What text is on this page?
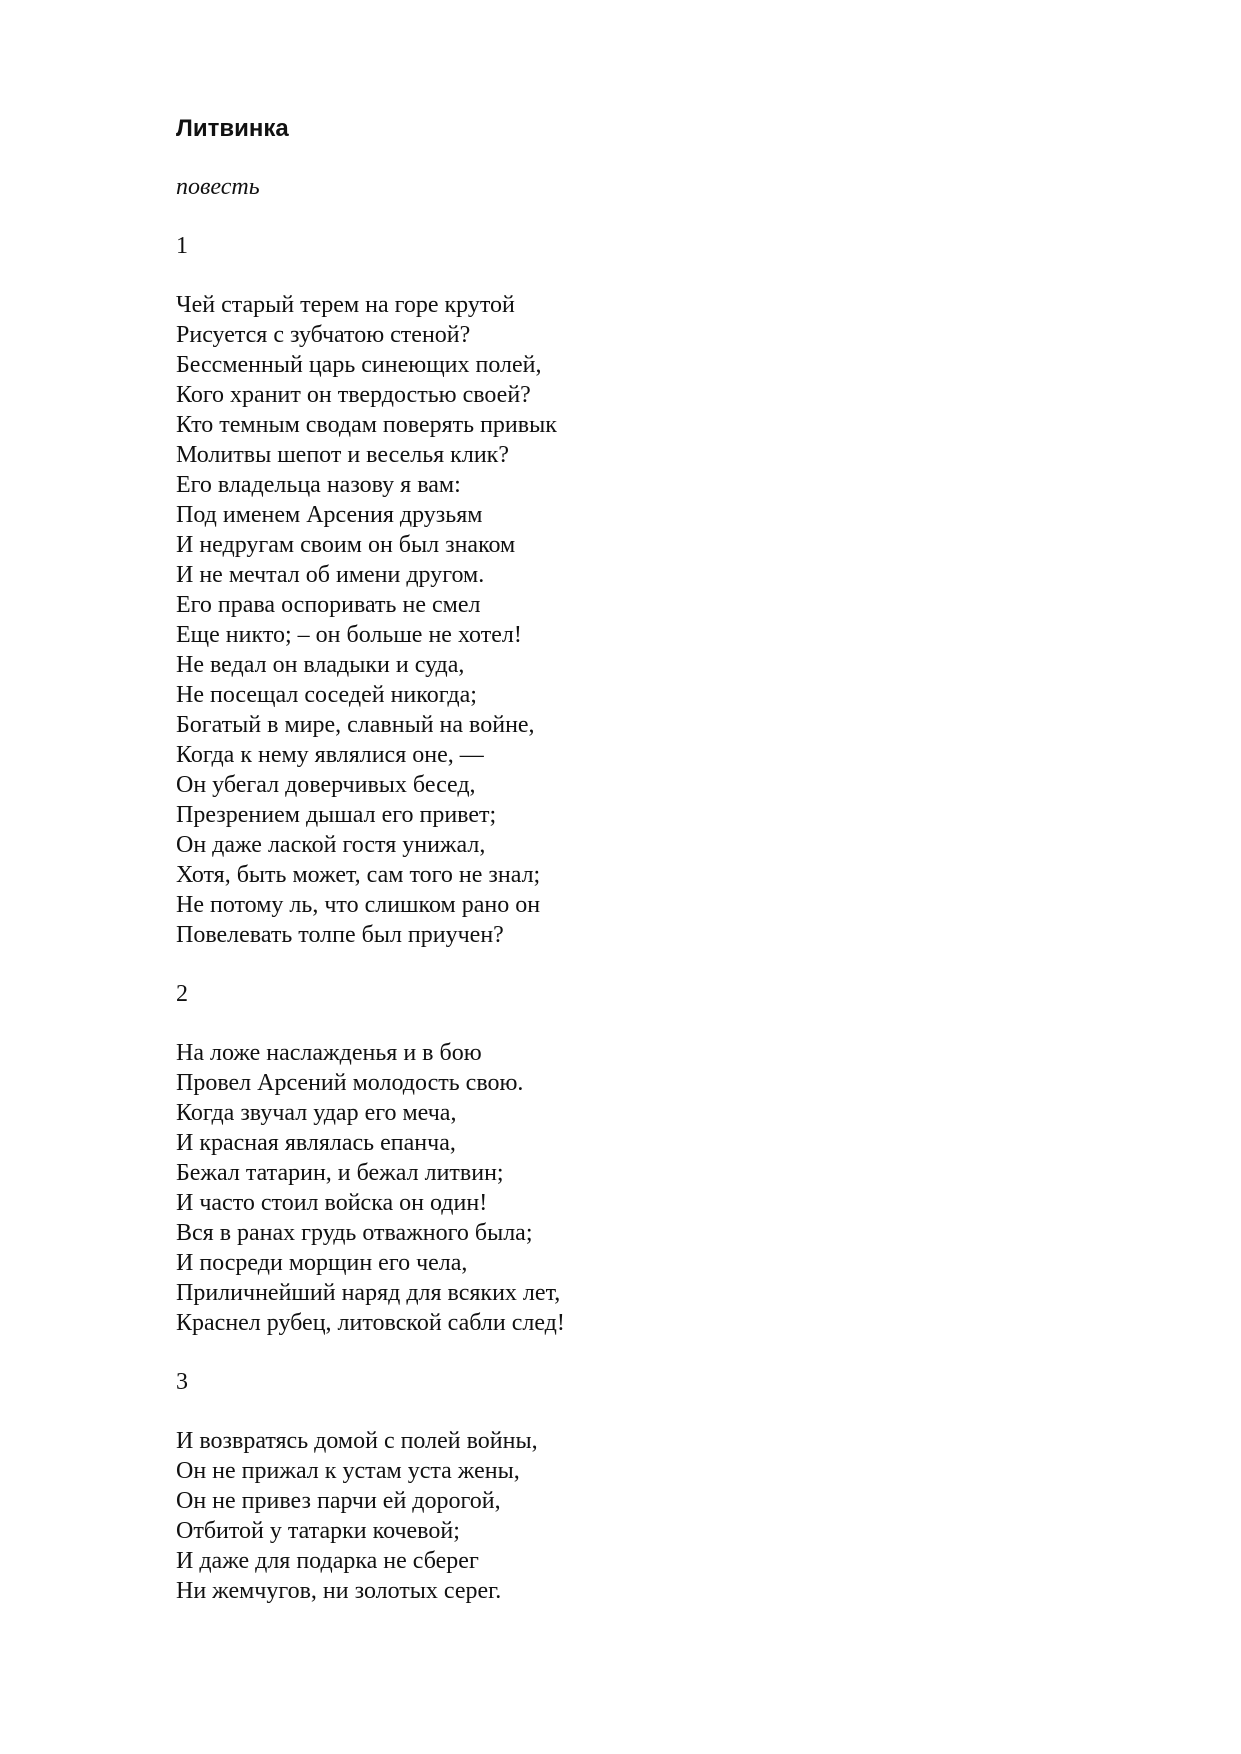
Литвинка
повесть
1
Чей старый терем на горе крутой
Рисуется с зубчатою стеной?
Бессменный царь синеющих полей,
Кого хранит он твердостью своей?
Кто темным сводам поверять привык
Молитвы шепот и веселья клик?
Его владельца назову я вам:
Под именем Арсения друзьям
И недругам своим он был знаком
И не мечтал об имени другом.
Его права оспоривать не смел
Еще никто; – он больше не хотел!
Не ведал он владыки и суда,
Не посещал соседей никогда;
Богатый в мире, славный на войне,
Когда к нему являлися оне, —
Он убегал доверчивых бесед,
Презрением дышал его привет;
Он даже лаской гостя унижал,
Хотя, быть может, сам того не знал;
Не потому ль, что слишком рано он
Повелевать толпе был приучен?
2
На ложе наслажденья и в бою
Провел Арсений молодость свою.
Когда звучал удар его меча,
И красная являлась епанча,
Бежал татарин, и бежал литвин;
И часто стоил войска он один!
Вся в ранах грудь отважного была;
И посреди морщин его чела,
Приличнейший наряд для всяких лет,
Краснел рубец, литовской сабли след!
3
И возвратясь домой с полей войны,
Он не прижал к устам уста жены,
Он не привез парчи ей дорогой,
Отбитой у татарки кочевой;
И даже для подарка не сберег
Ни жемчугов, ни золотых серег.
